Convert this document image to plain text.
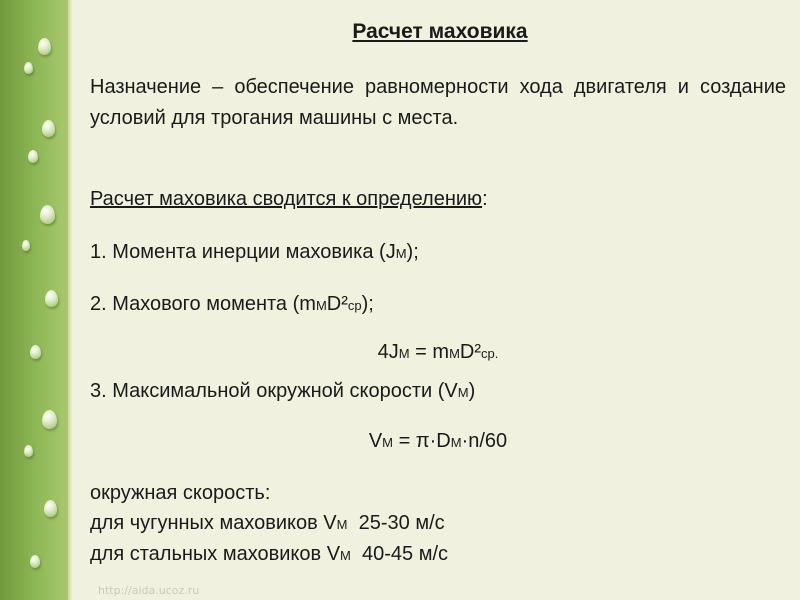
Расчет маховика
Назначение – обеспечение равномерности хода двигателя и создание условий для трогания машины с места.
Расчет маховика сводится к определению:
1. Момента инерции маховика (JМ);
2. Махового момента (mМD²ср);
4JМ = mМD²ср.
3. Максимальной окружной скорости (VМ)
VМ = π·DМ·n/60
окружная скорость:
для чугунных маховиков VМ  25-30 м/с
для стальных маховиков VМ  40-45 м/с
http://aida.ucoz.ru
